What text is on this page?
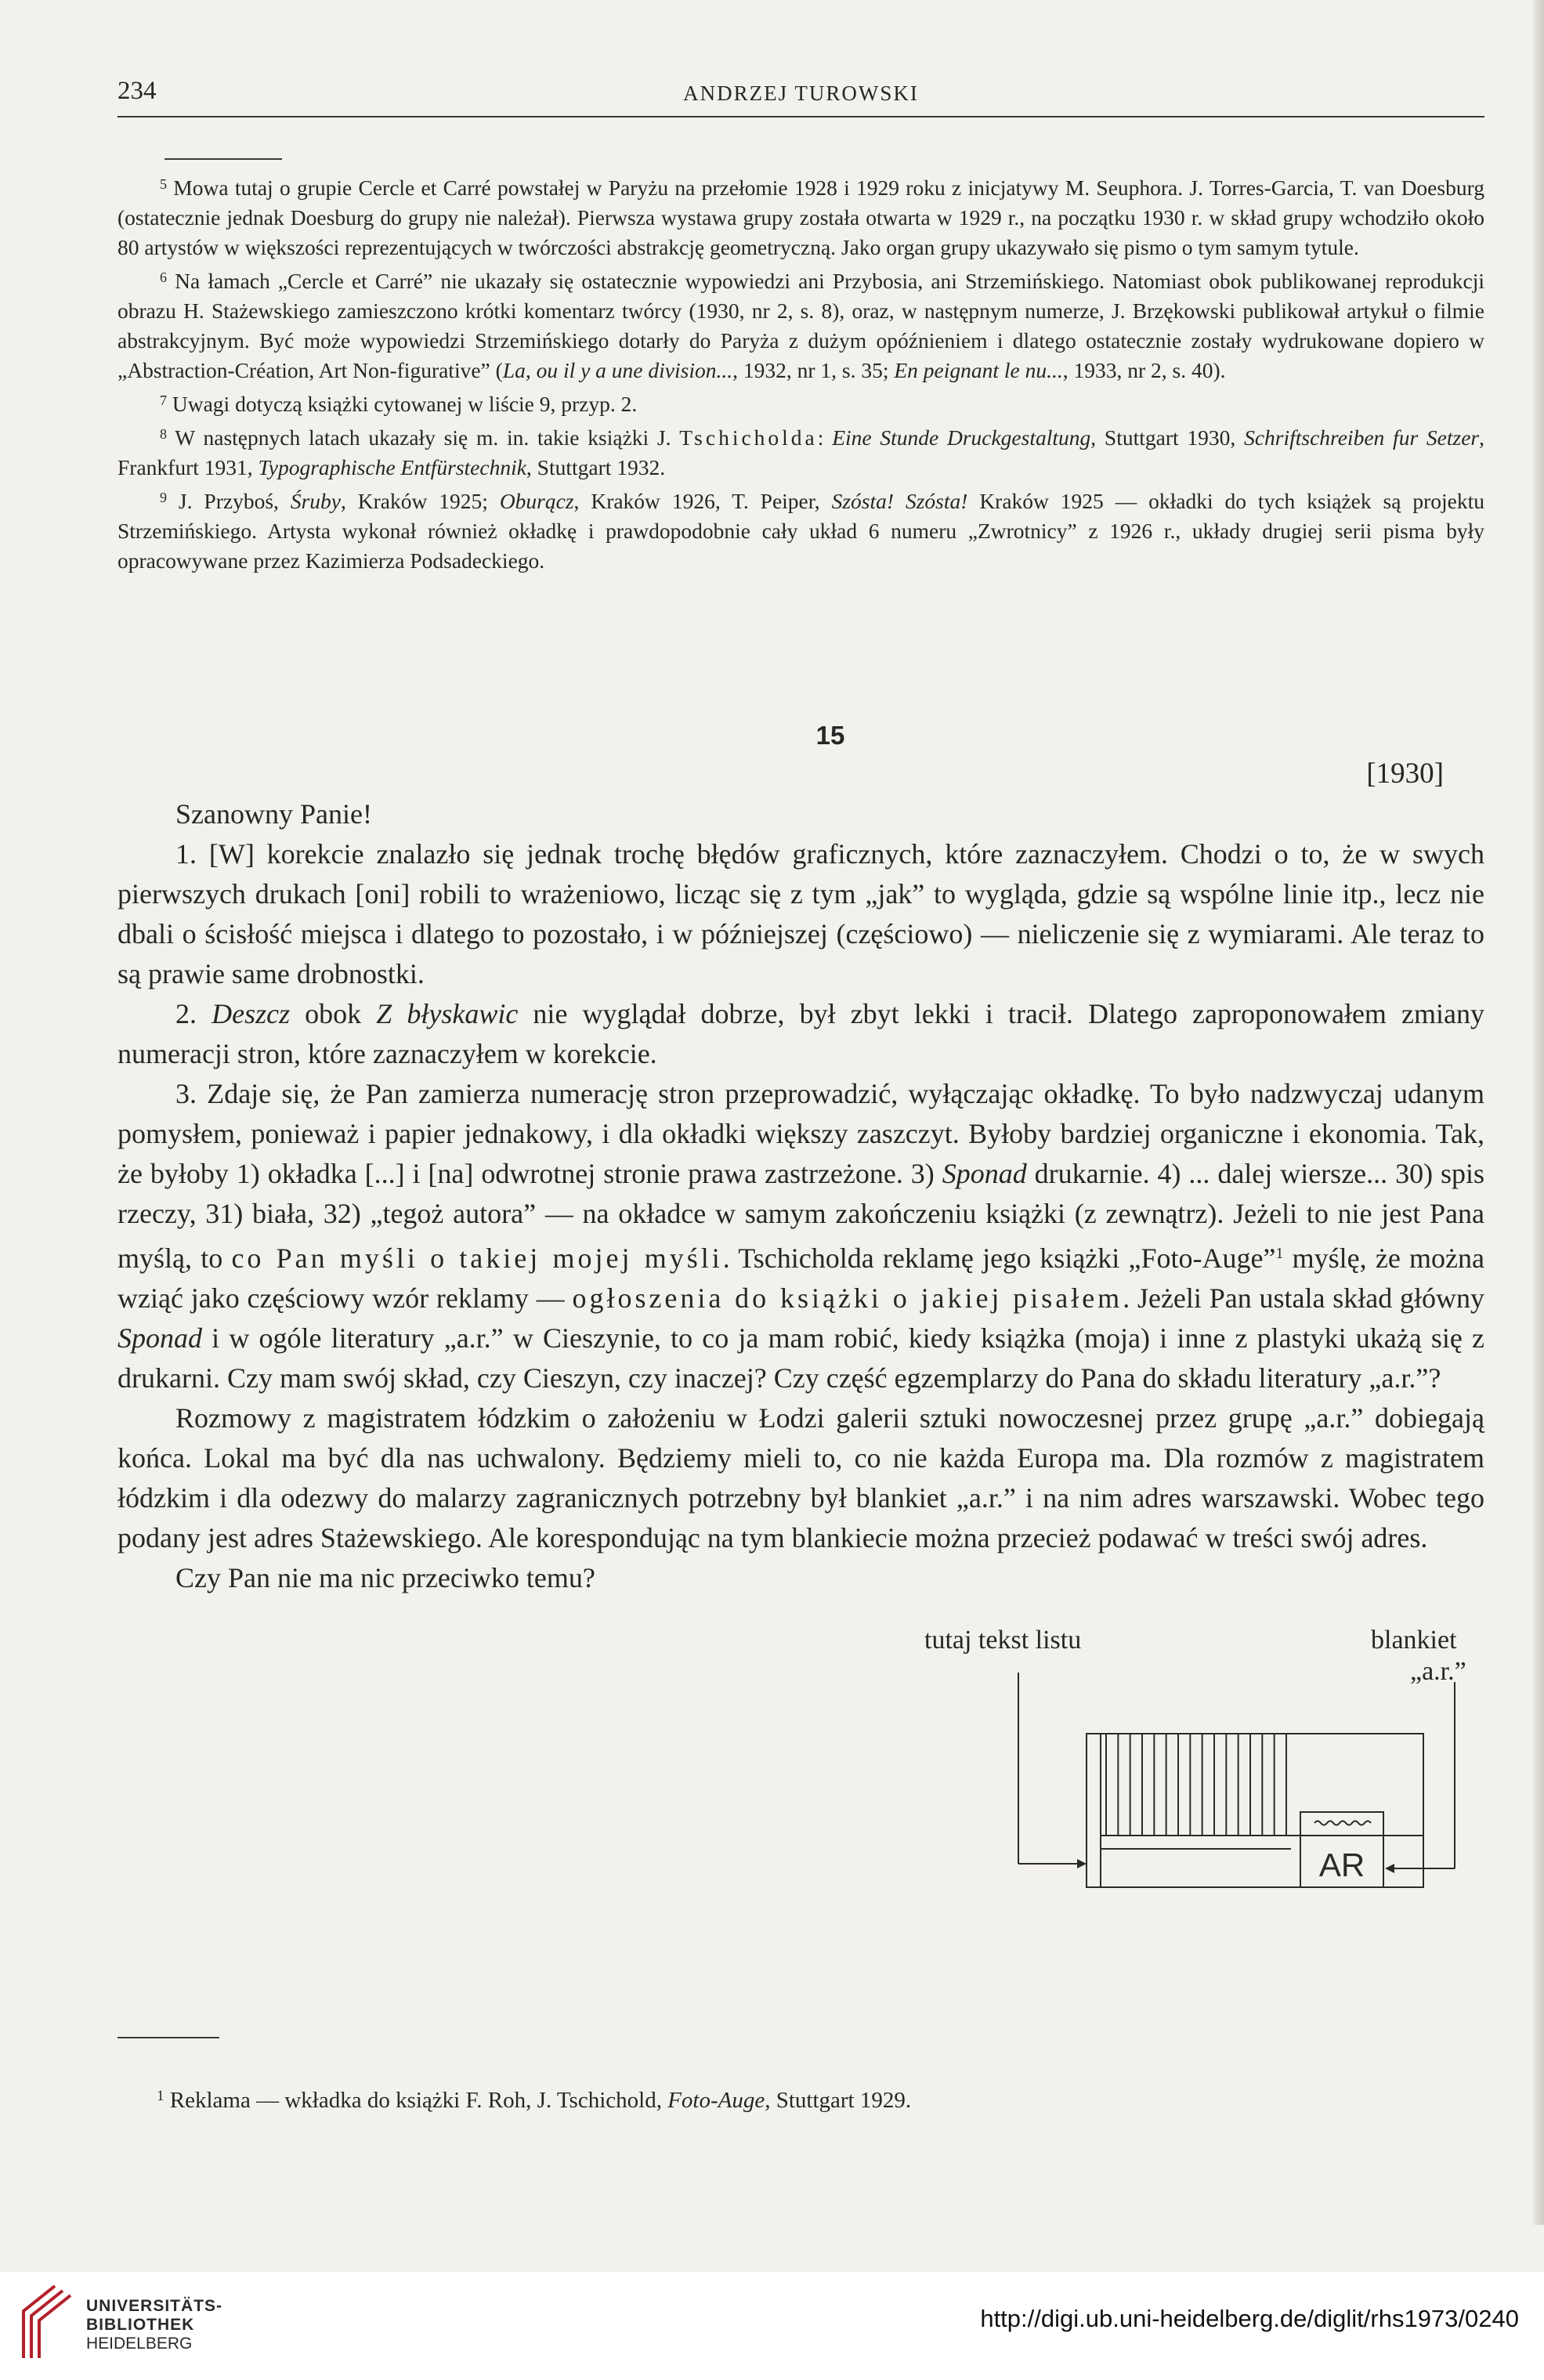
234	ANDRZEJ TUROWSKI

$^5$ Mowa tutaj o grupie Cercle et Carré powstałej w Paryżu na przełomie 1928 i 1929 roku z inicjatywy M. Seuphora. J. Torres-Garcia, T. van Doesburg (ostatecznie jednak Doesburg do grupy nie należał). Pierwsza wystawa grupy została otwarta w 1929 r., na początku 1930 r. w skład grupy wchodziło około 80 artystów w większości reprezentujących w twórczości abstrakcję geometryczną. Jako organ grupy ukazywało się pismo o tym samym tytule.

$^6$ Na łamach „Cercle et Carré” nie ukazały się ostatecznie wypowiedzi ani Przybosia, ani Strzemińskiego. Natomiast obok publikowanej reprodukcji obrazu H. Stażewskiego zamieszczono krótki komentarz twórcy (1930, nr 2, s. 8), oraz, w następnym numerze, J. Brzękowski publikował artykuł o filmie abstrakcyjnym. Być może wypowiedzi Strzemińskiego dotarły do Paryża z dużym opóźnieniem i dlatego ostatecznie zostały wydrukowane dopiero w „Abstraction-Création, Art Non-figurative” (La, ou il y a une division..., 1932, nr 1, s. 35; En peignant le nu..., 1933, nr 2, s. 40).

$^7$ Uwagi dotyczą książki cytowanej w liście 9, przyp. 2.

$^8$ W następnych latach ukazały się m. in. takie książki J. Tschicholda: Eine Stunde Druckgestaltung, Stuttgart 1930, Schriftschreiben fur Setzer, Frankfurt 1931, Typographische Entfürstechnik, Stuttgart 1932.

$^9$ J. Przyboś, Śruby, Kraków 1925; Oburącz, Kraków 1926, T. Peiper, Szósta! Szósta! Kraków 1925 — okładki do tych książek są projektu Strzemińskiego. Artysta wykonał również okładkę i prawdopodobnie cały układ 6 numeru „Zwrotnicy” z 1926 r., układy drugiej serii pisma były opracowywane przez Kazimierza Podsadeckiego.

15
[1930]

Szanowny Panie!

1. [W] korekcie znalazło się jednak trochę błędów graficznych, które zaznaczyłem. Chodzi o to, że w swych pierwszych drukach [oni] robili to wrażeniowo, licząc się z tym „jak” to wygląda, gdzie są wspólne linie itp., lecz nie dbali o ścisłość miejsca i dlatego to pozostało, i w późniejszej (częściowo) — nieliczenie się z wymiarami. Ale teraz to są prawie same drobnostki.

2. Deszcz obok Z błyskawic nie wyglądał dobrze, był zbyt lekki i tracił. Dlatego zaproponowałem zmiany numeracji stron, które zaznaczyłem w korekcie.

3. Zdaje się, że Pan zamierza numerację stron przeprowadzić, wyłączając okładkę. To było nadzwyczaj udanym pomysłem, ponieważ i papier jednakowy, i dla okładki większy zaszczyt. Byłoby bardziej organiczne i ekonomia. Tak, że byłoby 1) okładka [...] i [na] odwrotnej stronie prawa zastrzeżone. 3) Sponad drukarnie. 4) ... dalej wiersze... 30) spis rzeczy, 31) biała, 32) „tegoż autora” — na okładce w samym zakończeniu książki (z zewnątrz). Jeżeli to nie jest Pana myślą, to co Pan myśli o takiej mojej myśli. Tschicholda reklamę jego książki „Foto-Auge”$^1$ myślę, że można wziąć jako częściowy wzór reklamy — ogłoszenia do książki o jakiej pisałem. Jeżeli Pan ustala skład główny Sponad i w ogóle literatury „a.r.” w Cieszynie, to co ja mam robić, kiedy książka (moja) i inne z plastyki ukażą się z drukarni. Czy mam swój skład, czy Cieszyn, czy inaczej? Czy część egzemplarzy do Pana do składu literatury „a.r.”?

Rozmowy z magistratem łódzkim o założeniu w Łodzi galerii sztuki nowoczesnej przez grupę „a.r.” dobiegają końca. Lokal ma być dla nas uchwalony. Będziemy mieli to, co nie każda Europa ma. Dla rozmów z magistratem łódzkim i dla odezwy do malarzy zagranicznych potrzebny był blankiet „a.r.” i na nim adres warszawski. Wobec tego podany jest adres Stażewskiego. Ale korespondując na tym blankiecie można przecież podawać w treści swój adres.

Czy Pan nie ma nic przeciwko temu?

AR
tutaj tekst listu	blankiet
„a.r.”
$^1$ Reklama — wkładka do książki F. Roh, J. Tschichold, Foto-Auge, Stuttgart 1929.
UNIVERSITÄTS-
BIBLIOTHEK
HEIDELBERG
http://digi.ub.uni-heidelberg.de/diglit/rhs1973/0240
